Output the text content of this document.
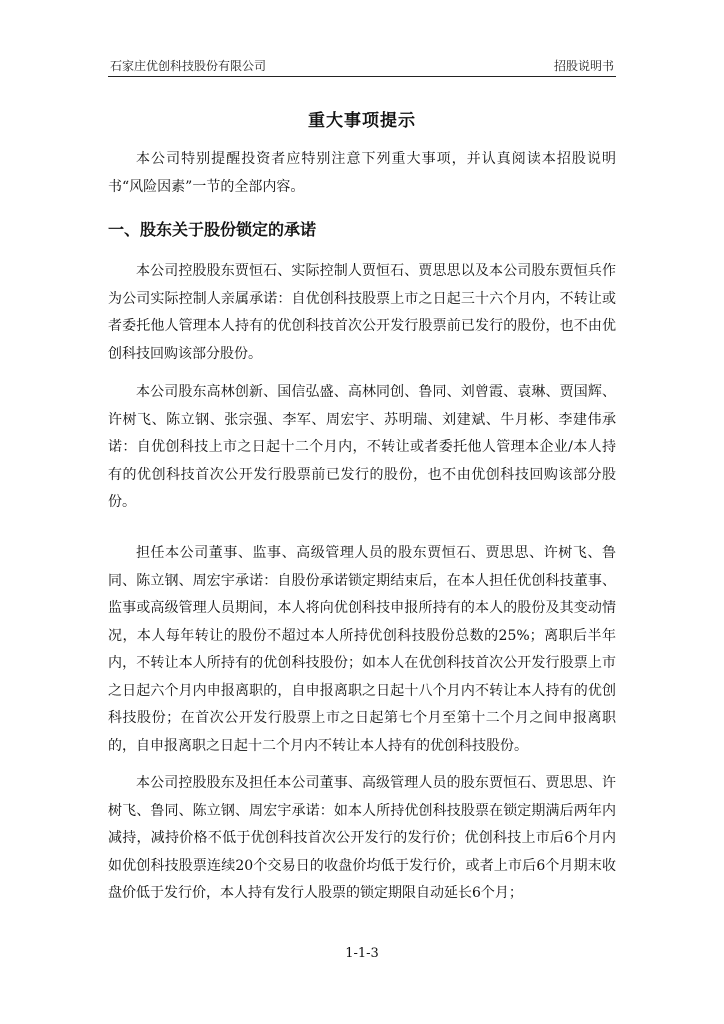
石家庄优创科技股份有限公司	招股说明书
重大事项提示

本公司特别提醒投资者应特别注意下列重大事项，并认真阅读本招股说明书“风险因素”一节的全部内容。

一、股东关于股份锁定的承诺

本公司控股股东贾恒石、实际控制人贾恒石、贾思思以及本公司股东贾恒兵作为公司实际控制人亲属承诺：自优创科技股票上市之日起三十六个月内，不转让或者委托他人管理本人持有的优创科技首次公开发行股票前已发行的股份，也不由优创科技回购该部分股份。

本公司股东高林创新、国信弘盛、高林同创、鲁同、刘曾霞、袁琳、贾国辉、许树飞、陈立钢、张宗强、李军、周宏宇、苏明瑞、刘建斌、牛月彬、李建伟承诺：自优创科技上市之日起十二个月内，不转让或者委托他人管理本企业/本人持有的优创科技首次公开发行股票前已发行的股份，也不由优创科技回购该部分股份。

担任本公司董事、监事、高级管理人员的股东贾恒石、贾思思、许树飞、鲁同、陈立钢、周宏宇承诺：自股份承诺锁定期结束后，在本人担任优创科技董事、监事或高级管理人员期间，本人将向优创科技申报所持有的本人的股份及其变动情况，本人每年转让的股份不超过本人所持优创科技股份总数的25%；离职后半年内，不转让本人所持有的优创科技股份；如本人在优创科技首次公开发行股票上市之日起六个月内申报离职的，自申报离职之日起十八个月内不转让本人持有的优创科技股份；在首次公开发行股票上市之日起第七个月至第十二个月之间申报离职的，自申报离职之日起十二个月内不转让本人持有的优创科技股份。

本公司控股股东及担任本公司董事、高级管理人员的股东贾恒石、贾思思、许树飞、鲁同、陈立钢、周宏宇承诺：如本人所持优创科技股票在锁定期满后两年内减持，减持价格不低于优创科技首次公开发行的发行价；优创科技上市后6个月内如优创科技股票连续20个交易日的收盘价均低于发行价，或者上市后6个月期末收盘价低于发行价，本人持有发行人股票的锁定期限自动延长6个月；

1-1-3
